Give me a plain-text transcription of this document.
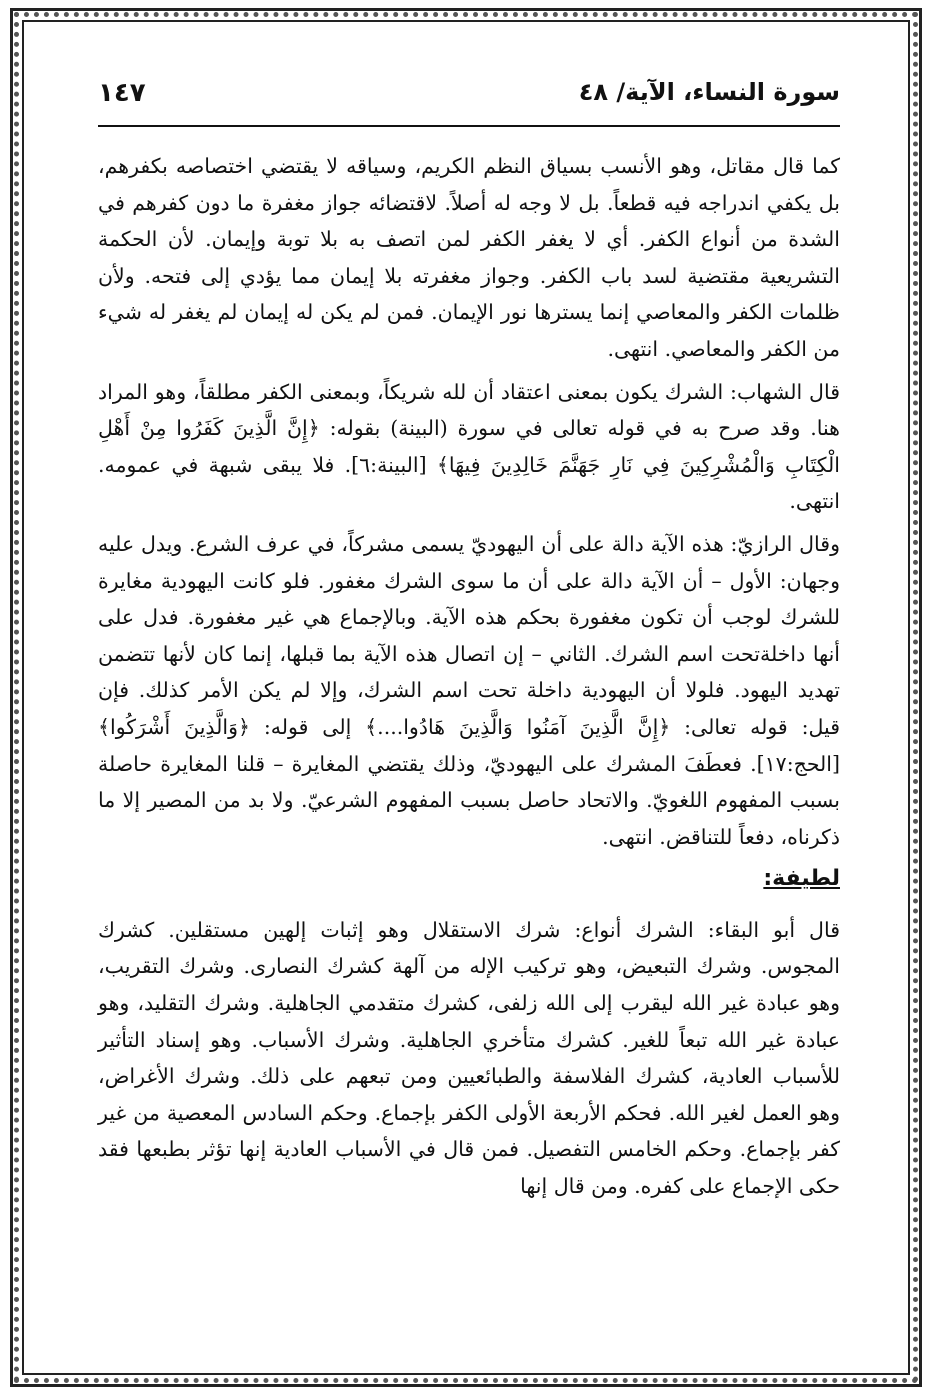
سورة النساء، الآية/ ٤٨
١٤٧

كما قال مقاتل، وهو الأنسب بسياق النظم الكريم، وسياقه لا يقتضي اختصاصه بكفرهم، بل يكفي اندراجه فيه قطعاً. بل لا وجه له أصلاً. لاقتضائه جواز مغفرة ما دون كفرهم في الشدة من أنواع الكفر. أي لا يغفر الكفر لمن اتصف به بلا توبة وإيمان. لأن الحكمة التشريعية مقتضية لسد باب الكفر. وجواز مغفرته بلا إيمان مما يؤدي إلى فتحه. ولأن ظلمات الكفر والمعاصي إنما يسترها نور الإيمان. فمن لم يكن له إيمان لم يغفر له شيء من الكفر والمعاصي. انتهى.

قال الشهاب: الشرك يكون بمعنى اعتقاد أن لله شريكاً، وبمعنى الكفر مطلقاً، وهو المراد هنا. وقد صرح به في قوله تعالى في سورة (البينة) بقوله: ﴿إِنَّ الَّذِينَ كَفَرُوا مِنْ أَهْلِ الْكِتَابِ وَالْمُشْرِكِينَ فِي نَارِ جَهَنَّمَ خَالِدِينَ فِيهَا﴾ [البينة:٦]. فلا يبقى شبهة في عمومه. انتهى.

وقال الرازيّ: هذه الآية دالة على أن اليهوديّ يسمى مشركاً، في عرف الشرع. ويدل عليه وجهان: الأول – أن الآية دالة على أن ما سوى الشرك مغفور. فلو كانت اليهودية مغايرة للشرك لوجب أن تكون مغفورة بحكم هذه الآية. وبالإجماع هي غير مغفورة. فدل على أنها داخلةتحت اسم الشرك. الثاني – إن اتصال هذه الآية بما قبلها، إنما كان لأنها تتضمن تهديد اليهود. فلولا أن اليهودية داخلة تحت اسم الشرك، وإلا لم يكن الأمر كذلك. فإن قيل: قوله تعالى: ﴿إِنَّ الَّذِينَ آمَنُوا وَالَّذِينَ هَادُوا....﴾ إلى قوله: ﴿وَالَّذِينَ أَشْرَكُوا﴾ [الحج:١٧]. فعطَفَ المشرك على اليهوديّ، وذلك يقتضي المغايرة – قلنا المغايرة حاصلة بسبب المفهوم اللغويّ. والاتحاد حاصل بسبب المفهوم الشرعيّ. ولا بد من المصير إلا ما ذكرناه، دفعاً للتناقض. انتهى.

لطيفة:

قال أبو البقاء: الشرك أنواع: شرك الاستقلال وهو إثبات إلهين مستقلين. كشرك المجوس. وشرك التبعيض، وهو تركيب الإله من آلهة كشرك النصارى. وشرك التقريب، وهو عبادة غير الله ليقرب إلى الله زلفى، كشرك متقدمي الجاهلية. وشرك التقليد، وهو عبادة غير الله تبعاً للغير. كشرك متأخري الجاهلية. وشرك الأسباب. وهو إسناد التأثير للأسباب العادية، كشرك الفلاسفة والطبائعيين ومن تبعهم على ذلك. وشرك الأغراض، وهو العمل لغير الله. فحكم الأربعة الأولى الكفر بإجماع. وحكم السادس المعصية من غير كفر بإجماع. وحكم الخامس التفصيل. فمن قال في الأسباب العادية إنها تؤثر بطبعها فقد حكى الإجماع على كفره. ومن قال إنها
